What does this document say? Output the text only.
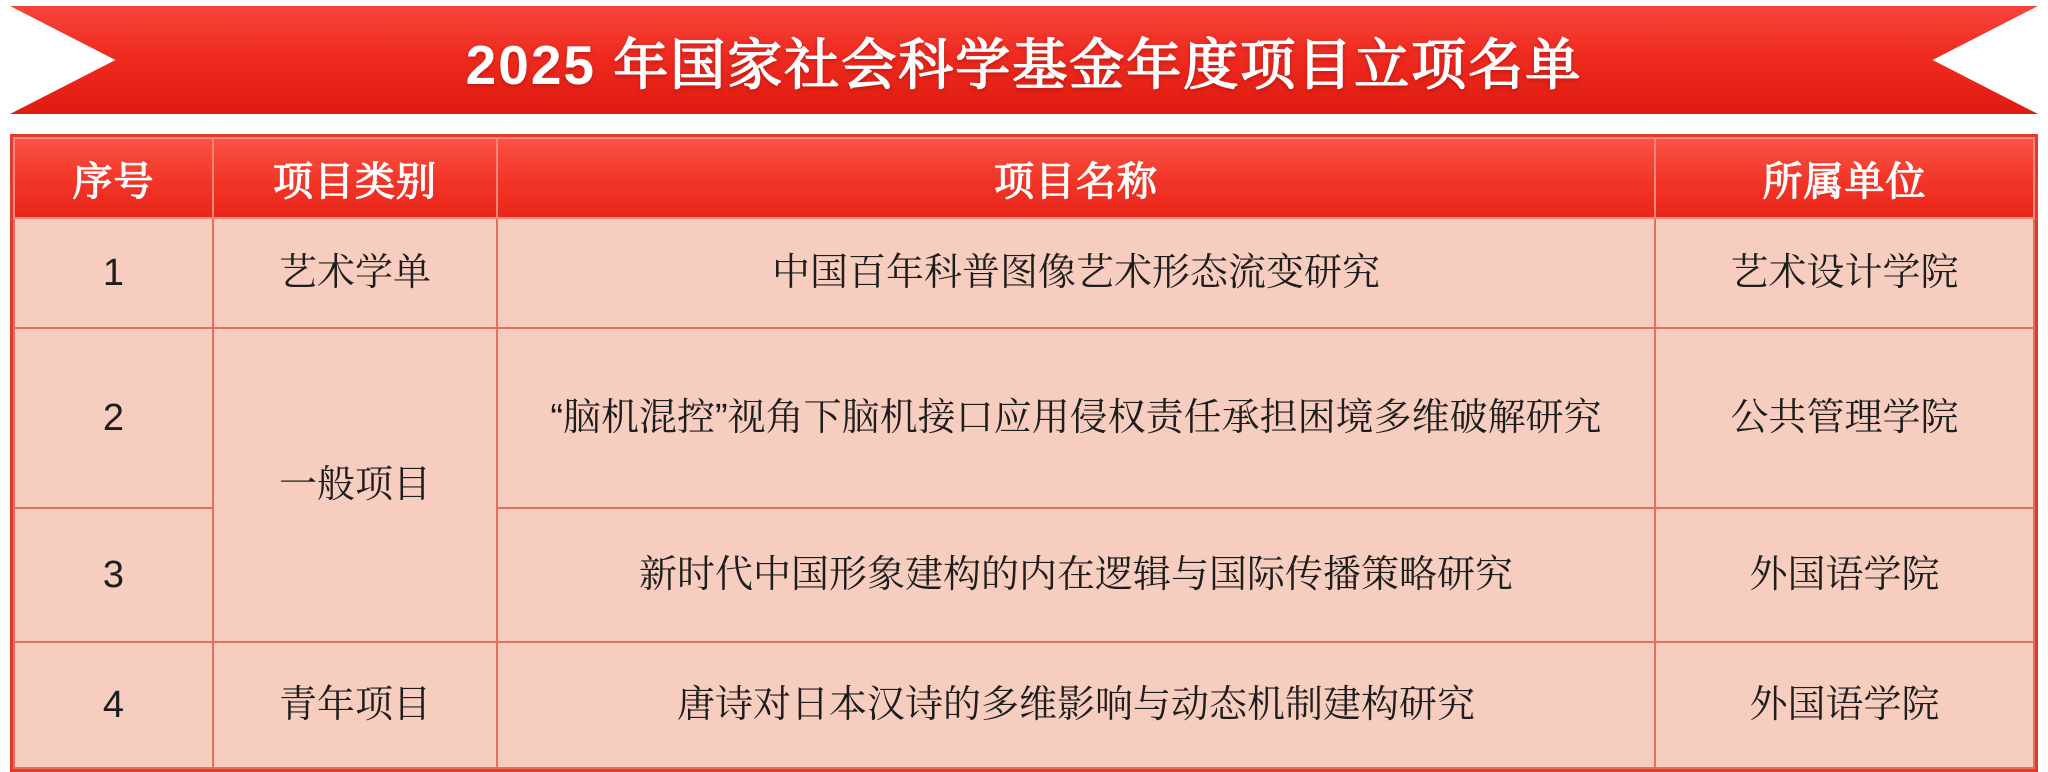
2025 年国家社会科学基金年度项目立项名单
序号	项目类别	项目名称	所属单位
1	艺术学单	中国百年科普图像艺术形态流变研究	艺术设计学院
2	一般项目	“脑机混控”视角下脑机接口应用侵权责任承担困境多维破解研究	公共管理学院
3		新时代中国形象建构的内在逻辑与国际传播策略研究	外国语学院
4	青年项目	唐诗对日本汉诗的多维影响与动态机制建构研究	外国语学院
